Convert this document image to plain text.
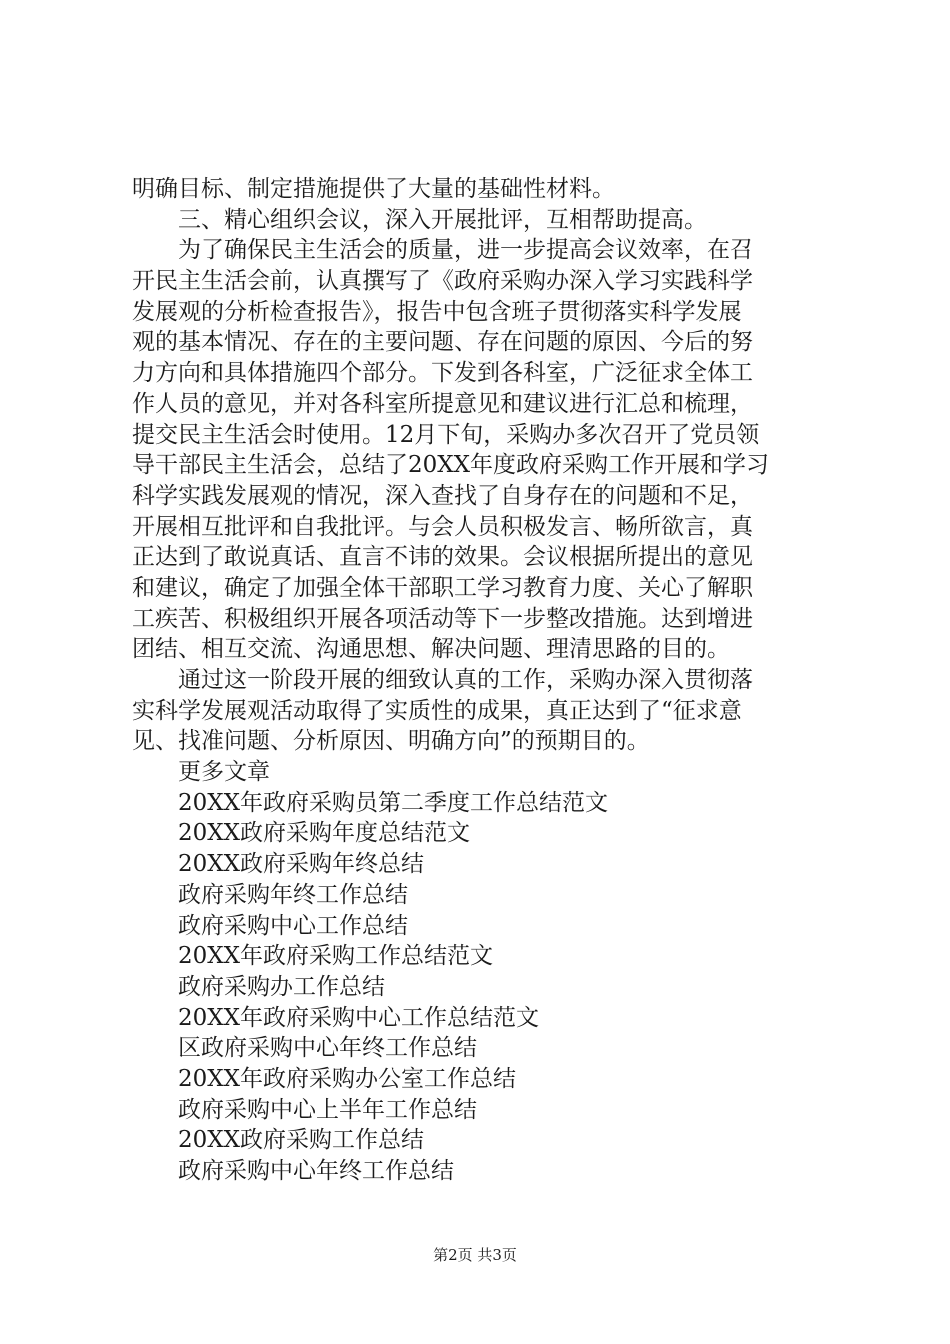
明确目标、制定措施提供了大量的基础性材料。
三、精心组织会议，深入开展批评，互相帮助提高。
为了确保民主生活会的质量，进一步提高会议效率，在召
开民主生活会前，认真撰写了《政府采购办深入学习实践科学
发展观的分析检查报告》，报告中包含班子贯彻落实科学发展
观的基本情况、存在的主要问题、存在问题的原因、今后的努
力方向和具体措施四个部分。下发到各科室，广泛征求全体工
作人员的意见，并对各科室所提意见和建议进行汇总和梳理，
提交民主生活会时使用。12月下旬，采购办多次召开了党员领
导干部民主生活会，总结了20XX年度政府采购工作开展和学习
科学实践发展观的情况，深入查找了自身存在的问题和不足，
开展相互批评和自我批评。与会人员积极发言、畅所欲言，真
正达到了敢说真话、直言不讳的效果。会议根据所提出的意见
和建议，确定了加强全体干部职工学习教育力度、关心了解职
工疾苦、积极组织开展各项活动等下一步整改措施。达到增进
团结、相互交流、沟通思想、解决问题、理清思路的目的。
通过这一阶段开展的细致认真的工作，采购办深入贯彻落
实科学发展观活动取得了实质性的成果，真正达到了“征求意
见、找准问题、分析原因、明确方向”的预期目的。
更多文章
20XX年政府采购员第二季度工作总结范文
20XX政府采购年度总结范文
20XX政府采购年终总结
政府采购年终工作总结
政府采购中心工作总结
20XX年政府采购工作总结范文
政府采购办工作总结
20XX年政府采购中心工作总结范文
区政府采购中心年终工作总结
20XX年政府采购办公室工作总结
政府采购中心上半年工作总结
20XX政府采购工作总结
政府采购中心年终工作总结
第2页 共3页
